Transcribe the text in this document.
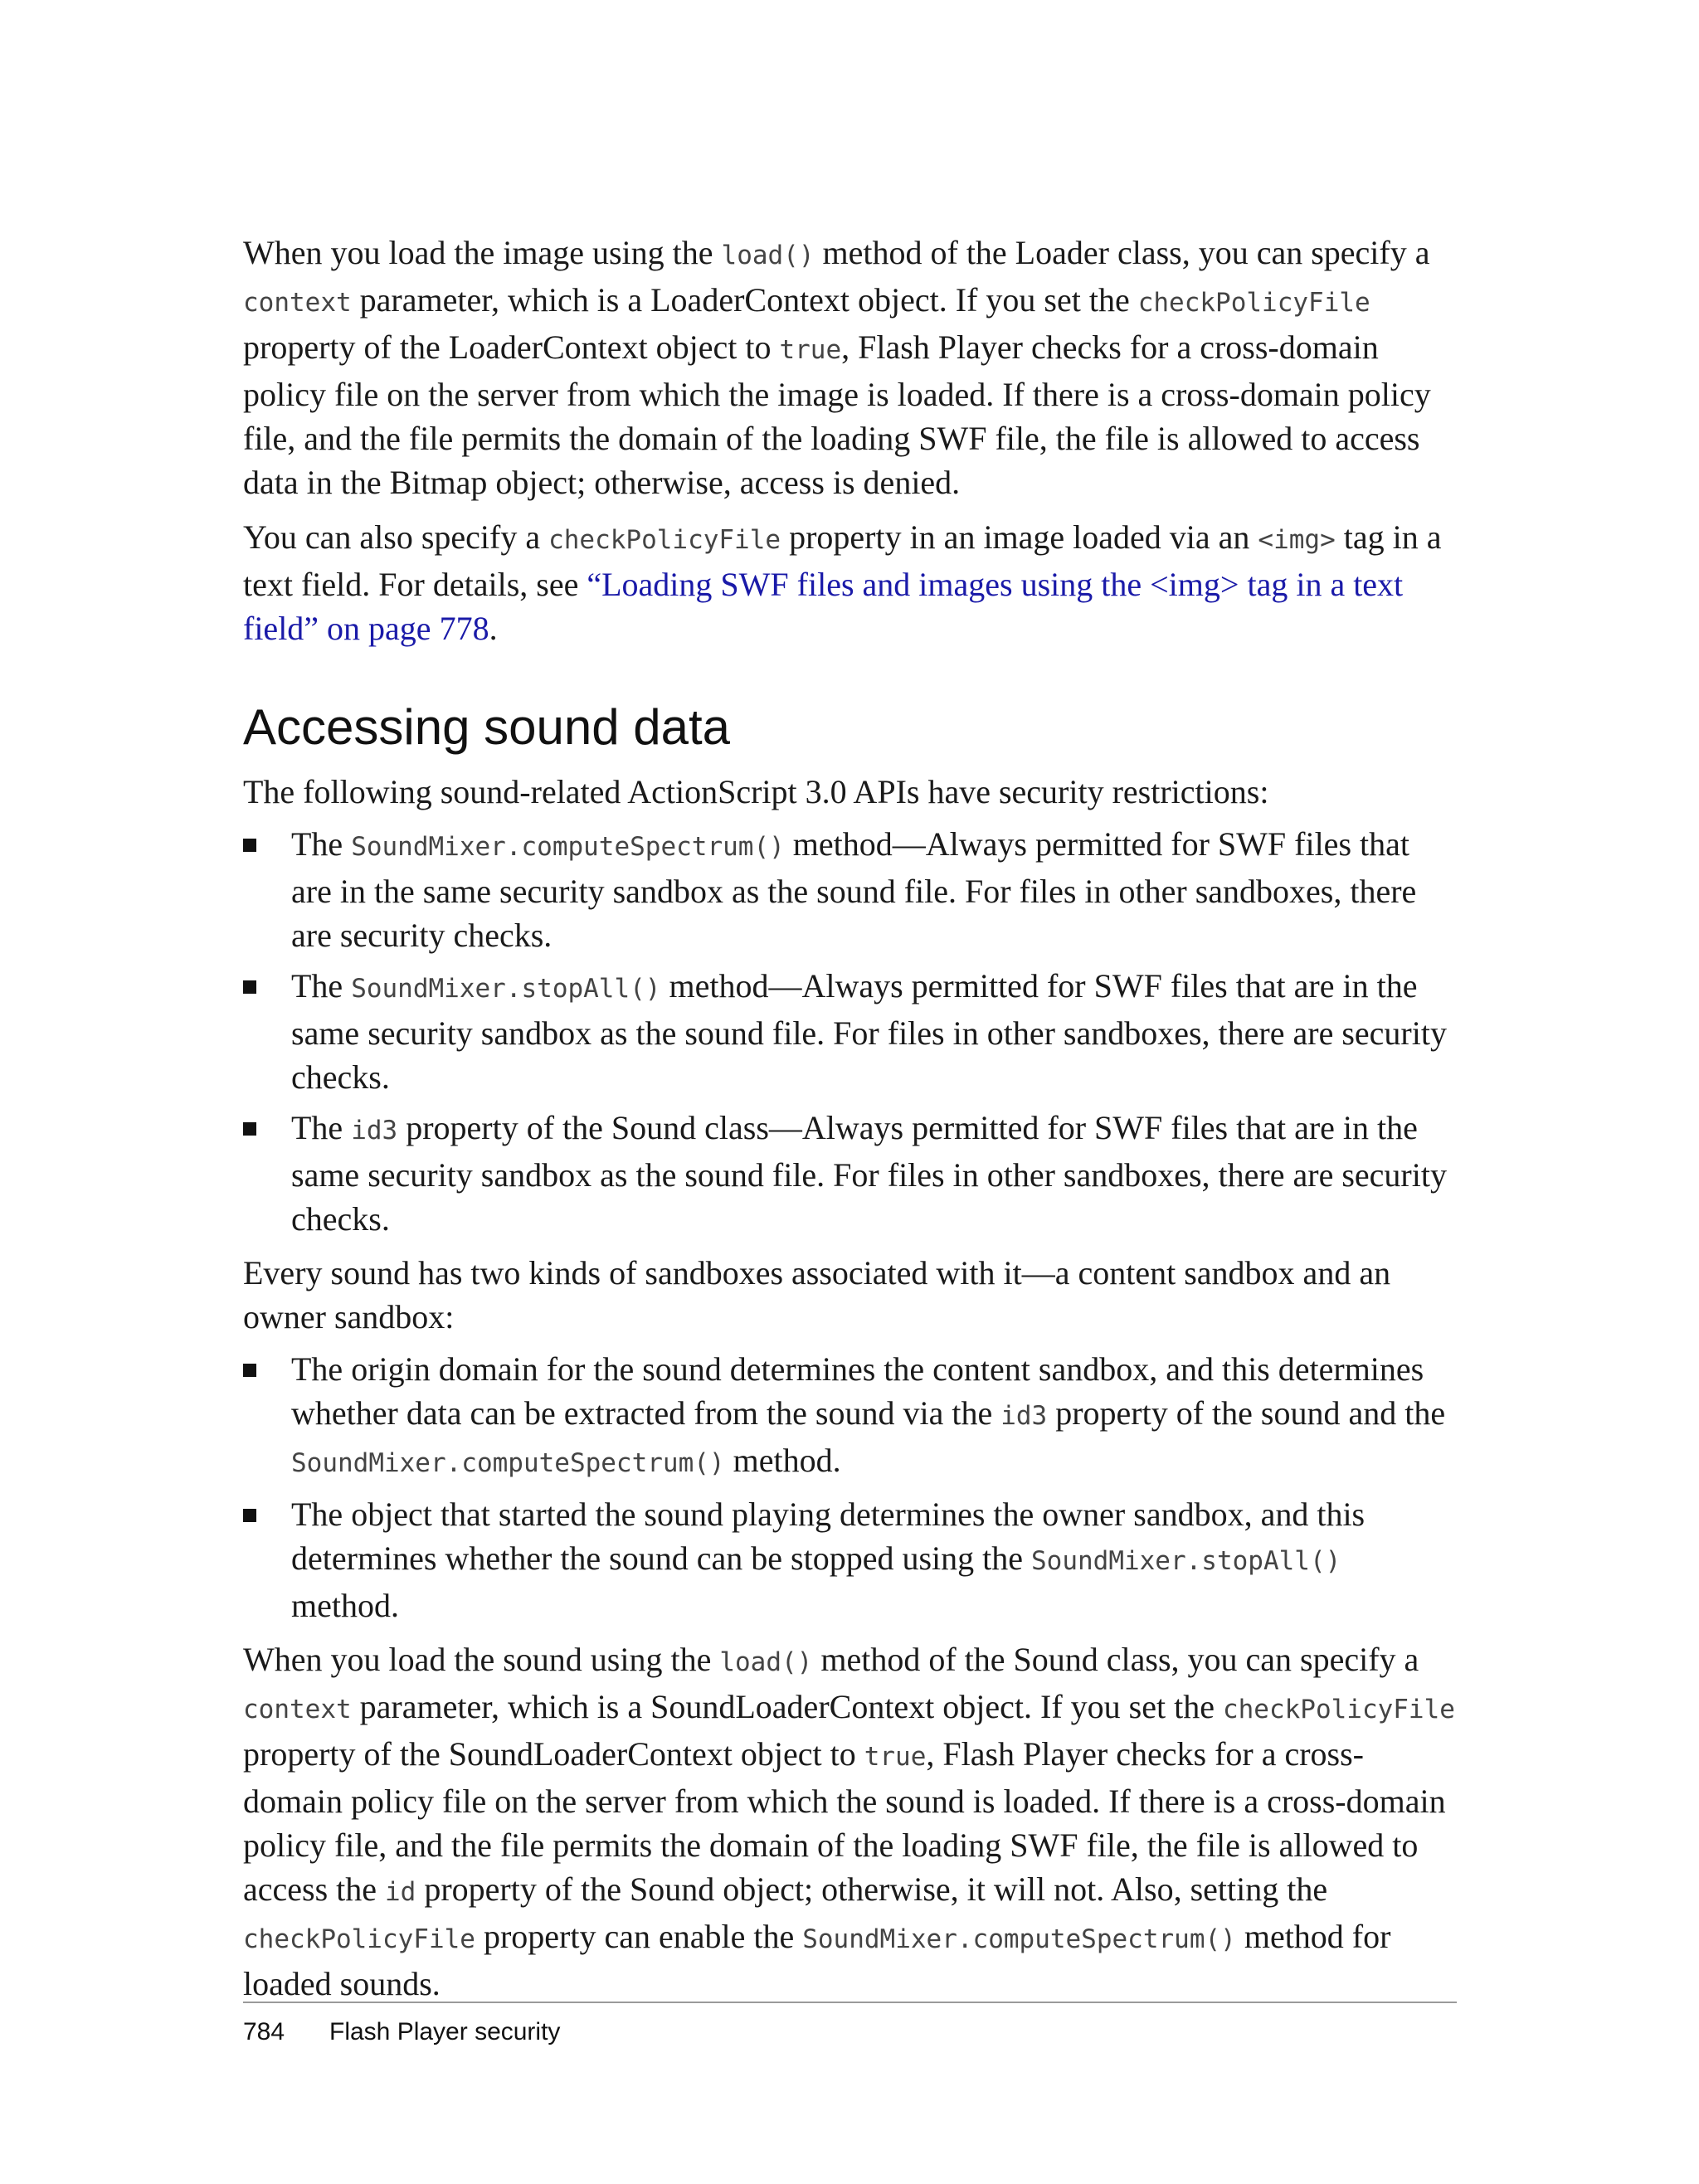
When you load the image using the load() method of the Loader class, you can specify a context parameter, which is a LoaderContext object. If you set the checkPolicyFile property of the LoaderContext object to true, Flash Player checks for a cross-domain policy file on the server from which the image is loaded. If there is a cross-domain policy file, and the file permits the domain of the loading SWF file, the file is allowed to access data in the Bitmap object; otherwise, access is denied.

You can also specify a checkPolicyFile property in an image loaded via an <img> tag in a text field. For details, see “Loading SWF files and images using the <img> tag in a text field” on page 778.

Accessing sound data

The following sound-related ActionScript 3.0 APIs have security restrictions:

The SoundMixer.computeSpectrum() method—Always permitted for SWF files that are in the same security sandbox as the sound file. For files in other sandboxes, there are security checks.
The SoundMixer.stopAll() method—Always permitted for SWF files that are in the same security sandbox as the sound file. For files in other sandboxes, there are security checks.
The id3 property of the Sound class—Always permitted for SWF files that are in the same security sandbox as the sound file. For files in other sandboxes, there are security checks.

Every sound has two kinds of sandboxes associated with it—a content sandbox and an owner sandbox:

The origin domain for the sound determines the content sandbox, and this determines whether data can be extracted from the sound via the id3 property of the sound and the SoundMixer.computeSpectrum() method.
The object that started the sound playing determines the owner sandbox, and this determines whether the sound can be stopped using the SoundMixer.stopAll() method.

When you load the sound using the load() method of the Sound class, you can specify a context parameter, which is a SoundLoaderContext object. If you set the checkPolicyFile property of the SoundLoaderContext object to true, Flash Player checks for a cross-domain policy file on the server from which the sound is loaded. If there is a cross-domain policy file, and the file permits the domain of the loading SWF file, the file is allowed to access the id property of the Sound object; otherwise, it will not. Also, setting the checkPolicyFile property can enable the SoundMixer.computeSpectrum() method for loaded sounds.

784 Flash Player security
